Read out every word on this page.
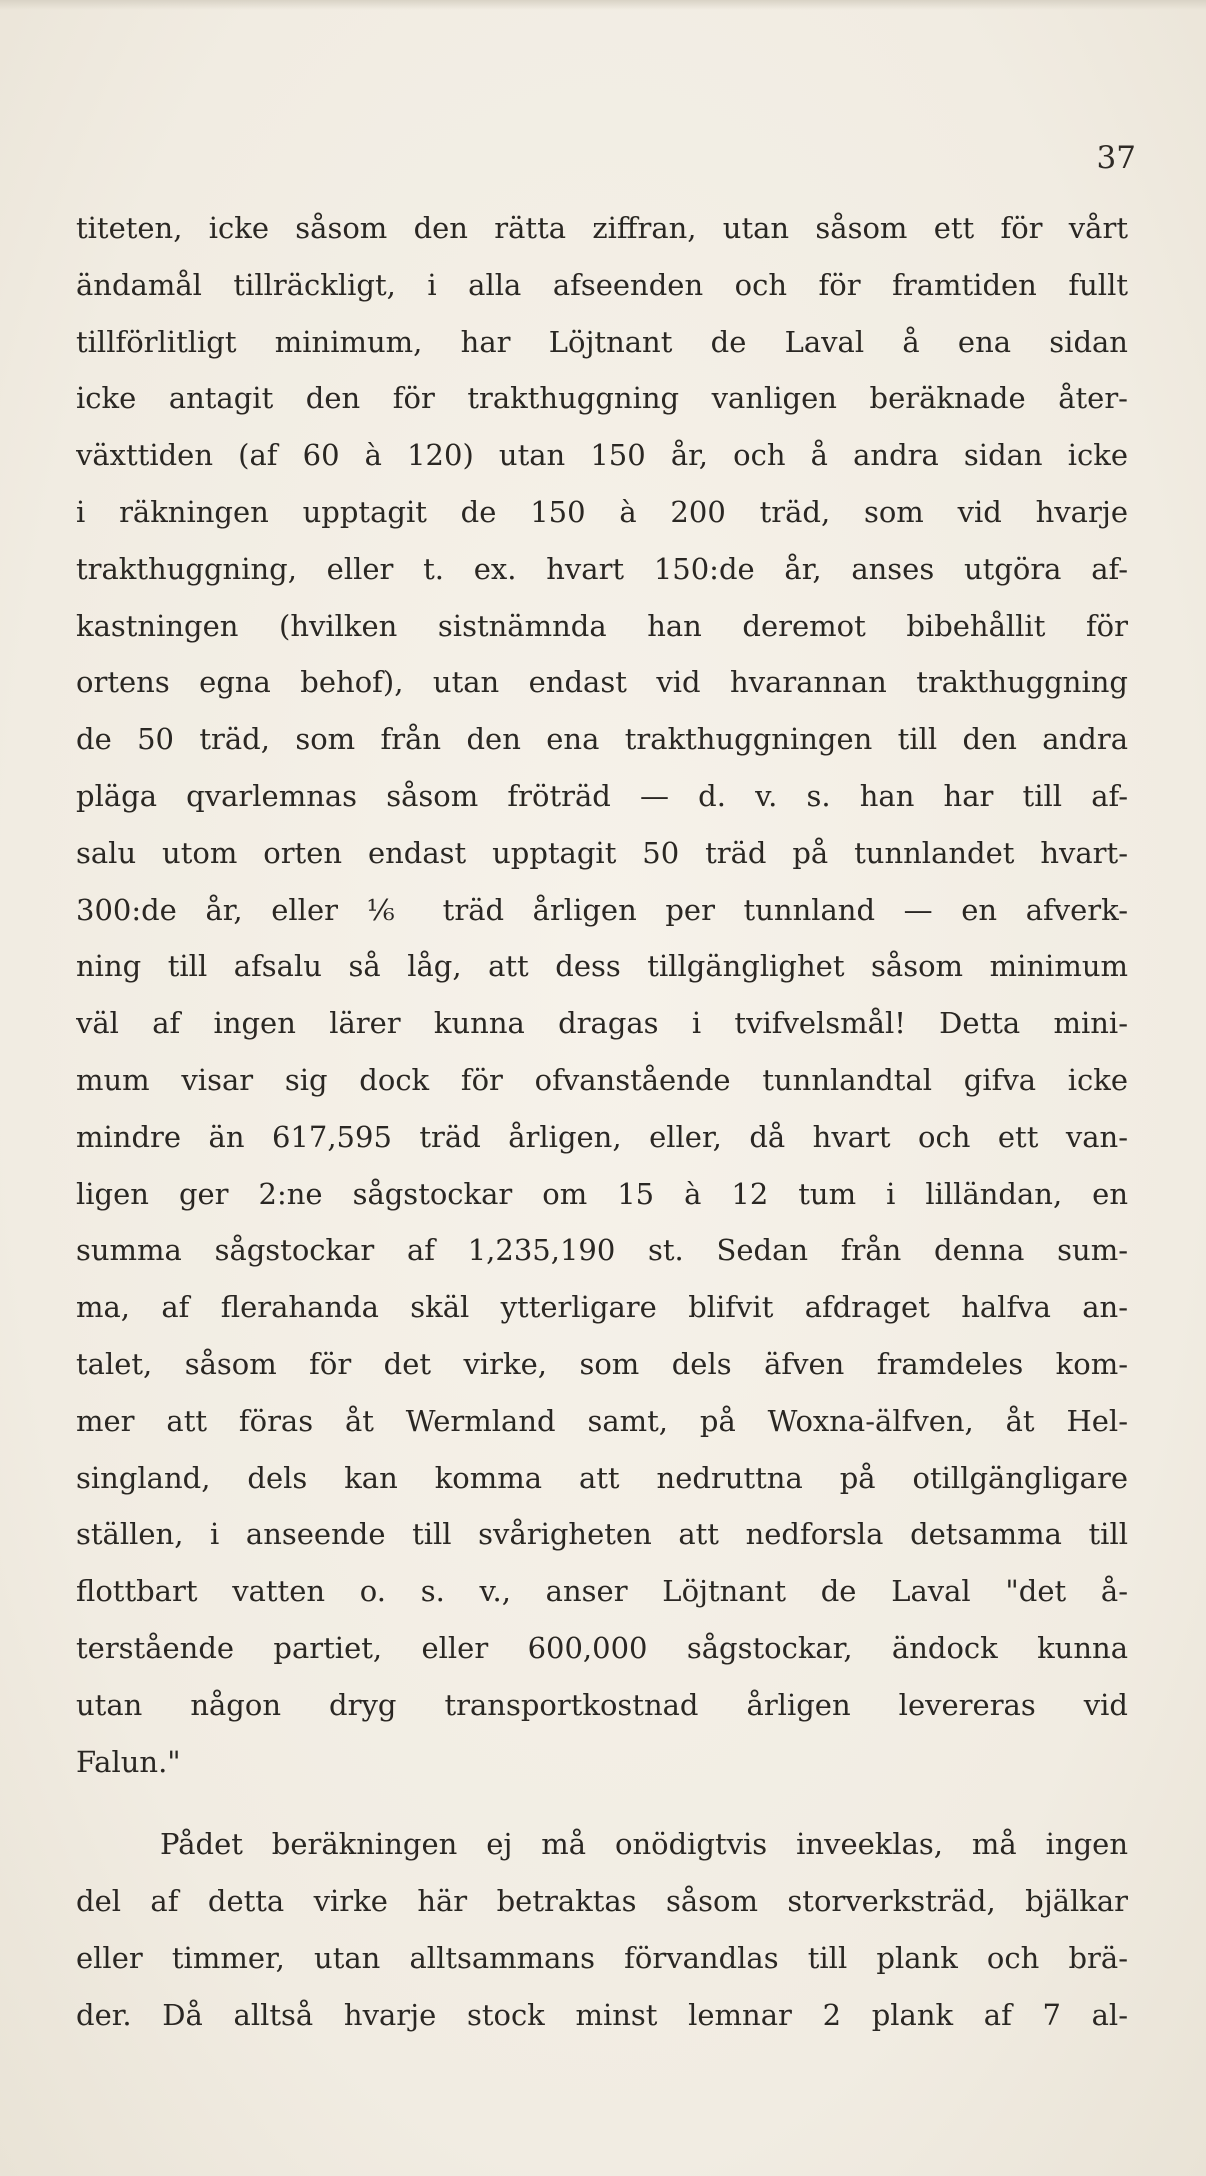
37

titeten, icke såsom den rätta ziffran, utan såsom ett för vårt
ändamål tillräckligt, i alla afseenden och för framtiden fullt
tillförlitligt minimum, har Löjtnant de Laval å ena sidan
icke antagit den för trakthuggning vanligen beräknade åter-
växttiden (af 60 à 120) utan 150 år, och å andra sidan icke
i räkningen upptagit de 150 à 200 träd, som vid hvarje
trakthuggning, eller t. ex. hvart 150:de år, anses utgöra af-
kastningen (hvilken sistnämnda han deremot bibehållit för
ortens egna behof), utan endast vid hvarannan trakthuggning
de 50 träd, som från den ena trakthuggningen till den andra
pläga qvarlemnas såsom fröträd — d. v. s. han har till af-
salu utom orten endast upptagit 50 träd på tunnlandet hvart-
300:de år, eller ⅙ träd årligen per tunnland — en afverk-
ning till afsalu så låg, att dess tillgänglighet såsom minimum
väl af ingen lärer kunna dragas i tvifvelsmål! Detta mini-
mum visar sig dock för ofvanstående tunnlandtal gifva icke
mindre än 617,595 träd årligen, eller, då hvart och ett van-
ligen ger 2:ne sågstockar om 15 à 12 tum i lilländan, en
summa sågstockar af 1,235,190 st. Sedan från denna sum-
ma, af flerahanda skäl ytterligare blifvit afdraget halfva an-
talet, såsom för det virke, som dels äfven framdeles kom-
mer att föras åt Wermland samt, på Woxna-älfven, åt Hel-
singland, dels kan komma att nedruttna på otillgängligare
ställen, i anseende till svårigheten att nedforsla detsamma till
flottbart vatten o. s. v., anser Löjtnant de Laval "det å-
terstående partiet, eller 600,000 sågstockar, ändock kunna
utan någon dryg transportkostnad årligen levereras vid
Falun."
Pådet beräkningen ej må onödigtvis inveeklas, må ingen
del af detta virke här betraktas såsom storverksträd, bjälkar
eller timmer, utan alltsammans förvandlas till plank och brä-
der. Då alltså hvarje stock minst lemnar 2 plank af 7 al-
